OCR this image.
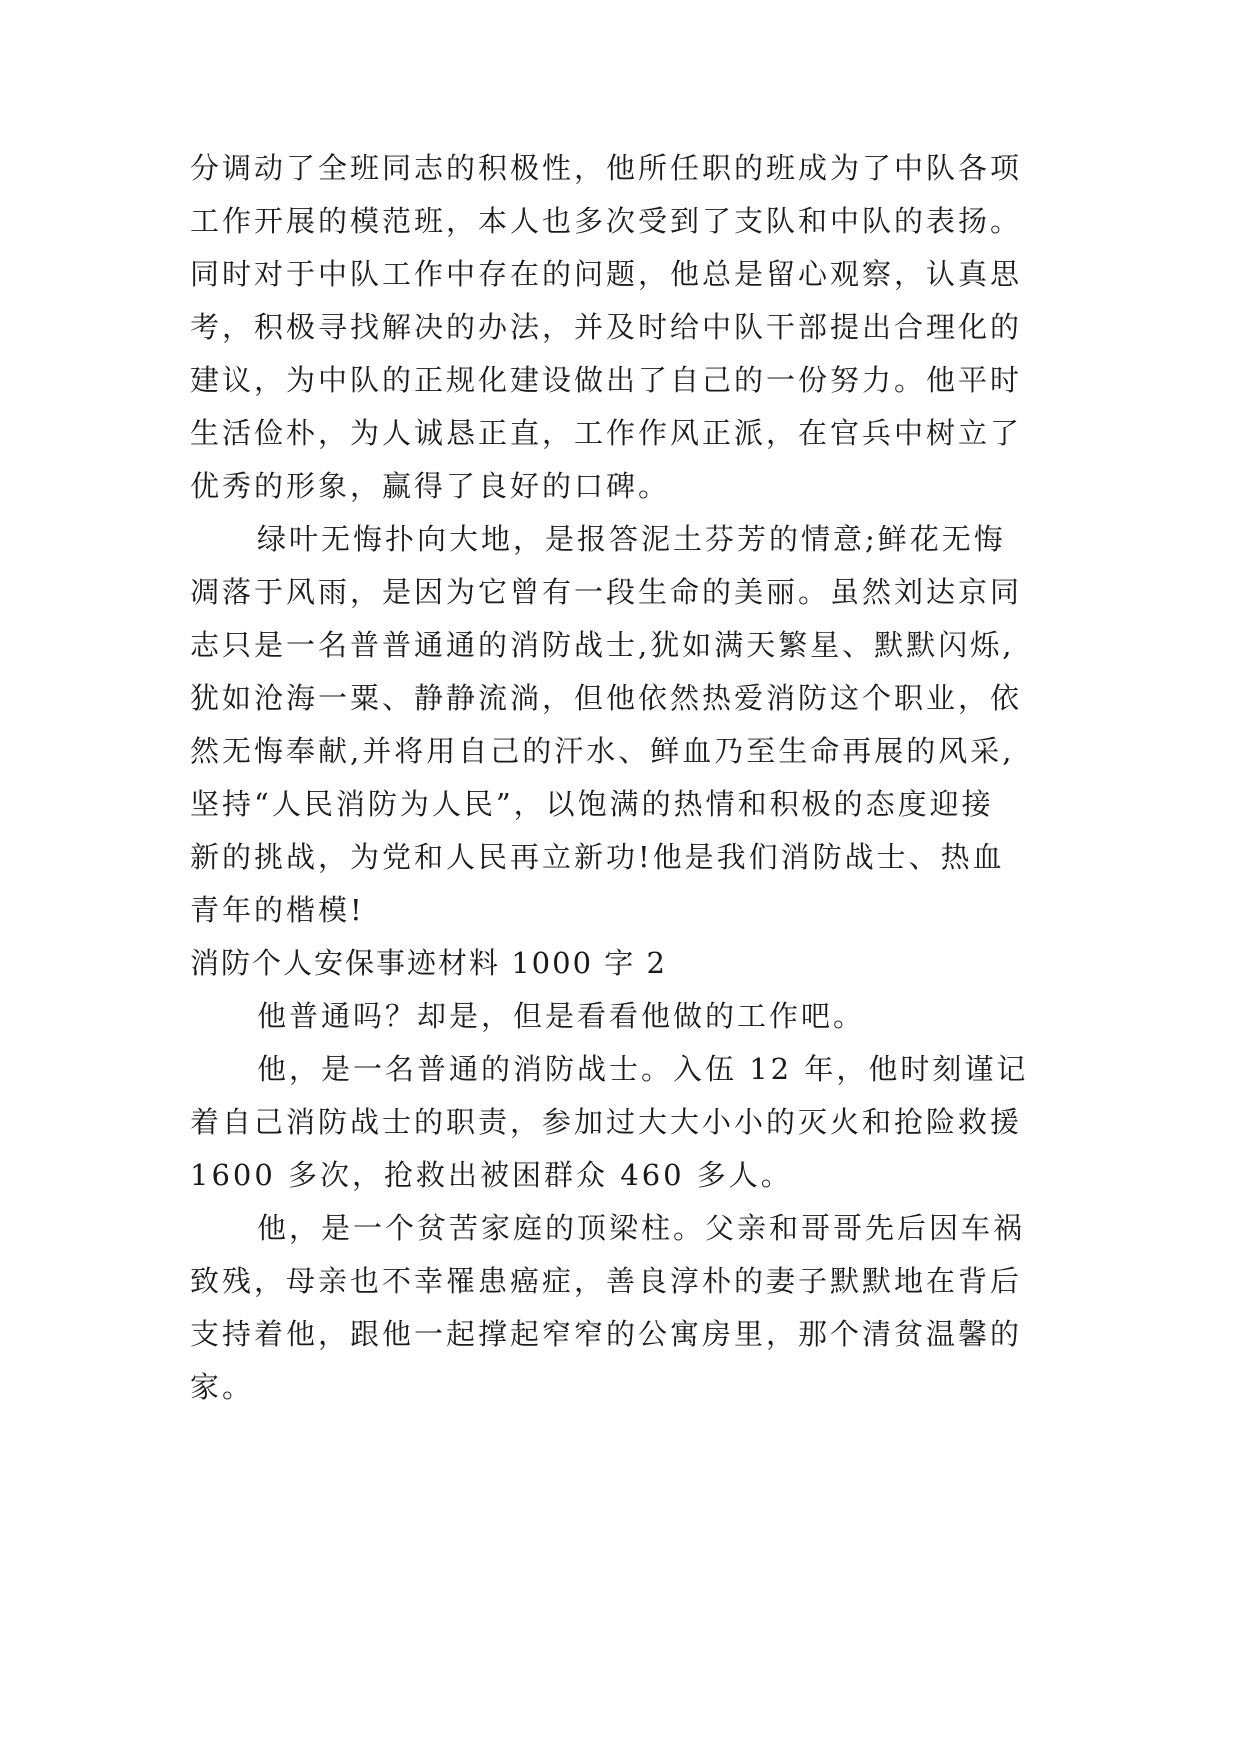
分调动了全班同志的积极性，他所任职的班成为了中队各项
工作开展的模范班，本人也多次受到了支队和中队的表扬。
同时对于中队工作中存在的问题，他总是留心观察，认真思
考，积极寻找解决的办法，并及时给中队干部提出合理化的
建议，为中队的正规化建设做出了自己的一份努力。他平时
生活俭朴，为人诚恳正直，工作作风正派，在官兵中树立了
优秀的形象，赢得了良好的口碑。
绿叶无悔扑向大地，是报答泥土芬芳的情意;鲜花无悔
凋落于风雨，是因为它曾有一段生命的美丽。虽然刘达京同
志只是一名普普通通的消防战士,犹如满天繁星、默默闪烁,
犹如沧海一粟、静静流淌，但他依然热爱消防这个职业，依
然无悔奉献,并将用自己的汗水、鲜血乃至生命再展的风采,
坚持“人民消防为人民”，以饱满的热情和积极的态度迎接
新的挑战，为党和人民再立新功!他是我们消防战士、热血
青年的楷模!
消防个人安保事迹材料 1000 字 2
他普通吗？却是，但是看看他做的工作吧。
他，是一名普通的消防战士。入伍 12 年，他时刻谨记
着自己消防战士的职责，参加过大大小小的灭火和抢险救援
1600 多次，抢救出被困群众 460 多人。
他，是一个贫苦家庭的顶梁柱。父亲和哥哥先后因车祸
致残，母亲也不幸罹患癌症，善良淳朴的妻子默默地在背后
支持着他，跟他一起撑起窄窄的公寓房里，那个清贫温馨的
家。
